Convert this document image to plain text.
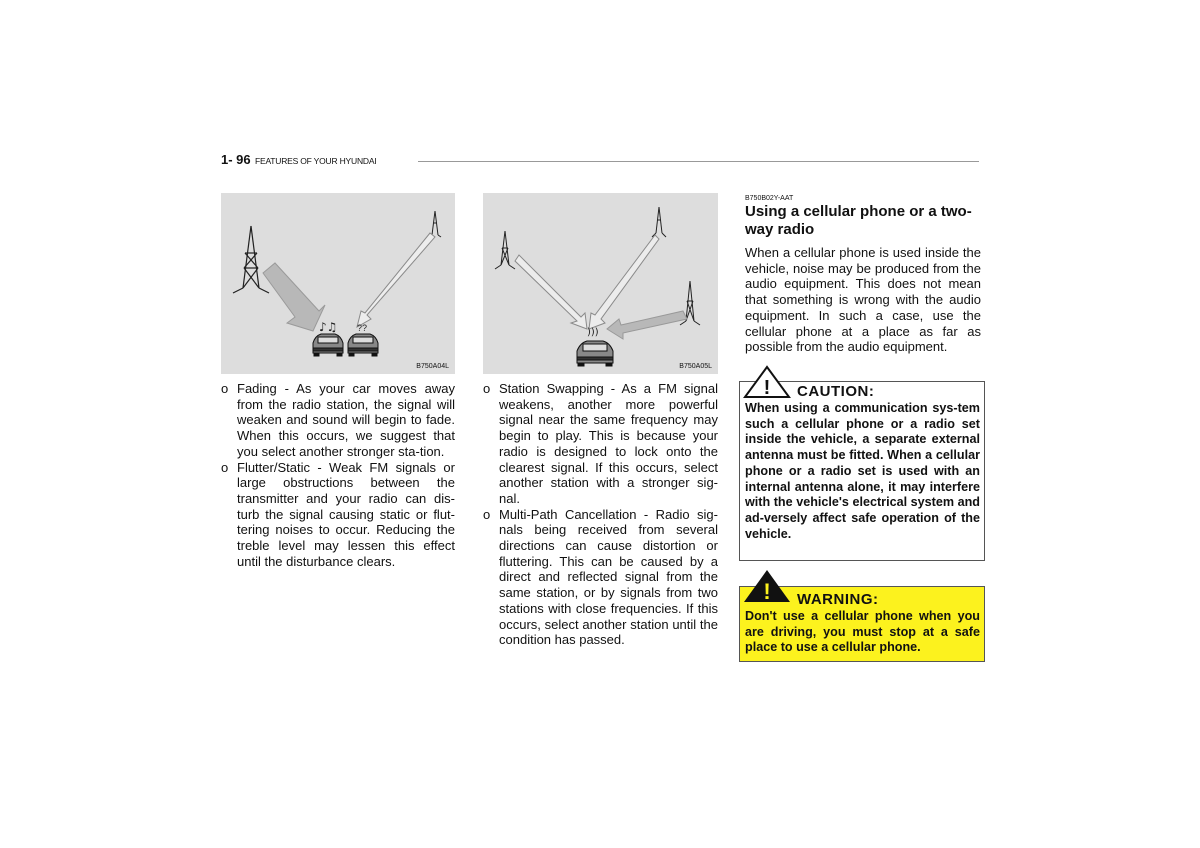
1- 96 FEATURES OF YOUR HYUNDAI
♪♫ ??
B750A04L
)))
B750A05L
o Fading - As your car moves away from the radio station, the signal will weaken and sound will begin to fade. When this occurs, we suggest that you select another stronger sta-tion.
o Flutter/Static - Weak FM signals or large obstructions between the transmitter and your radio can dis-turb the signal causing static or flut-tering noises to occur. Reducing the treble level may lessen this effect until the disturbance clears.
o Station Swapping - As a FM signal weakens, another more powerful signal near the same frequency may begin to play. This is because your radio is designed to lock onto the clearest signal. If this occurs, select another station with a stronger sig-nal.
o Multi-Path Cancellation - Radio sig-nals being received from several directions can cause distortion or fluttering. This can be caused by a direct and reflected signal from the same station, or by signals from two stations with close frequencies. If this occurs, select another station until the condition has passed.
B750B02Y-AAT
Using a cellular phone or a two-way radio
When a cellular phone is used inside the vehicle, noise may be produced from the audio equipment. This does not mean that something is wrong with the audio equipment. In such a case, use the cellular phone at a place as far as possible from the audio equipment.
! CAUTION:
When using a communication sys-tem such a cellular phone or a radio set inside the vehicle, a separate external antenna must be fitted. When a cellular phone or a radio set is used with an internal antenna alone, it may interfere with the vehicle's electrical system and ad-versely affect safe operation of the vehicle.
! WARNING:
Don't use a cellular phone when you are driving, you must stop at a safe place to use a cellular phone.
